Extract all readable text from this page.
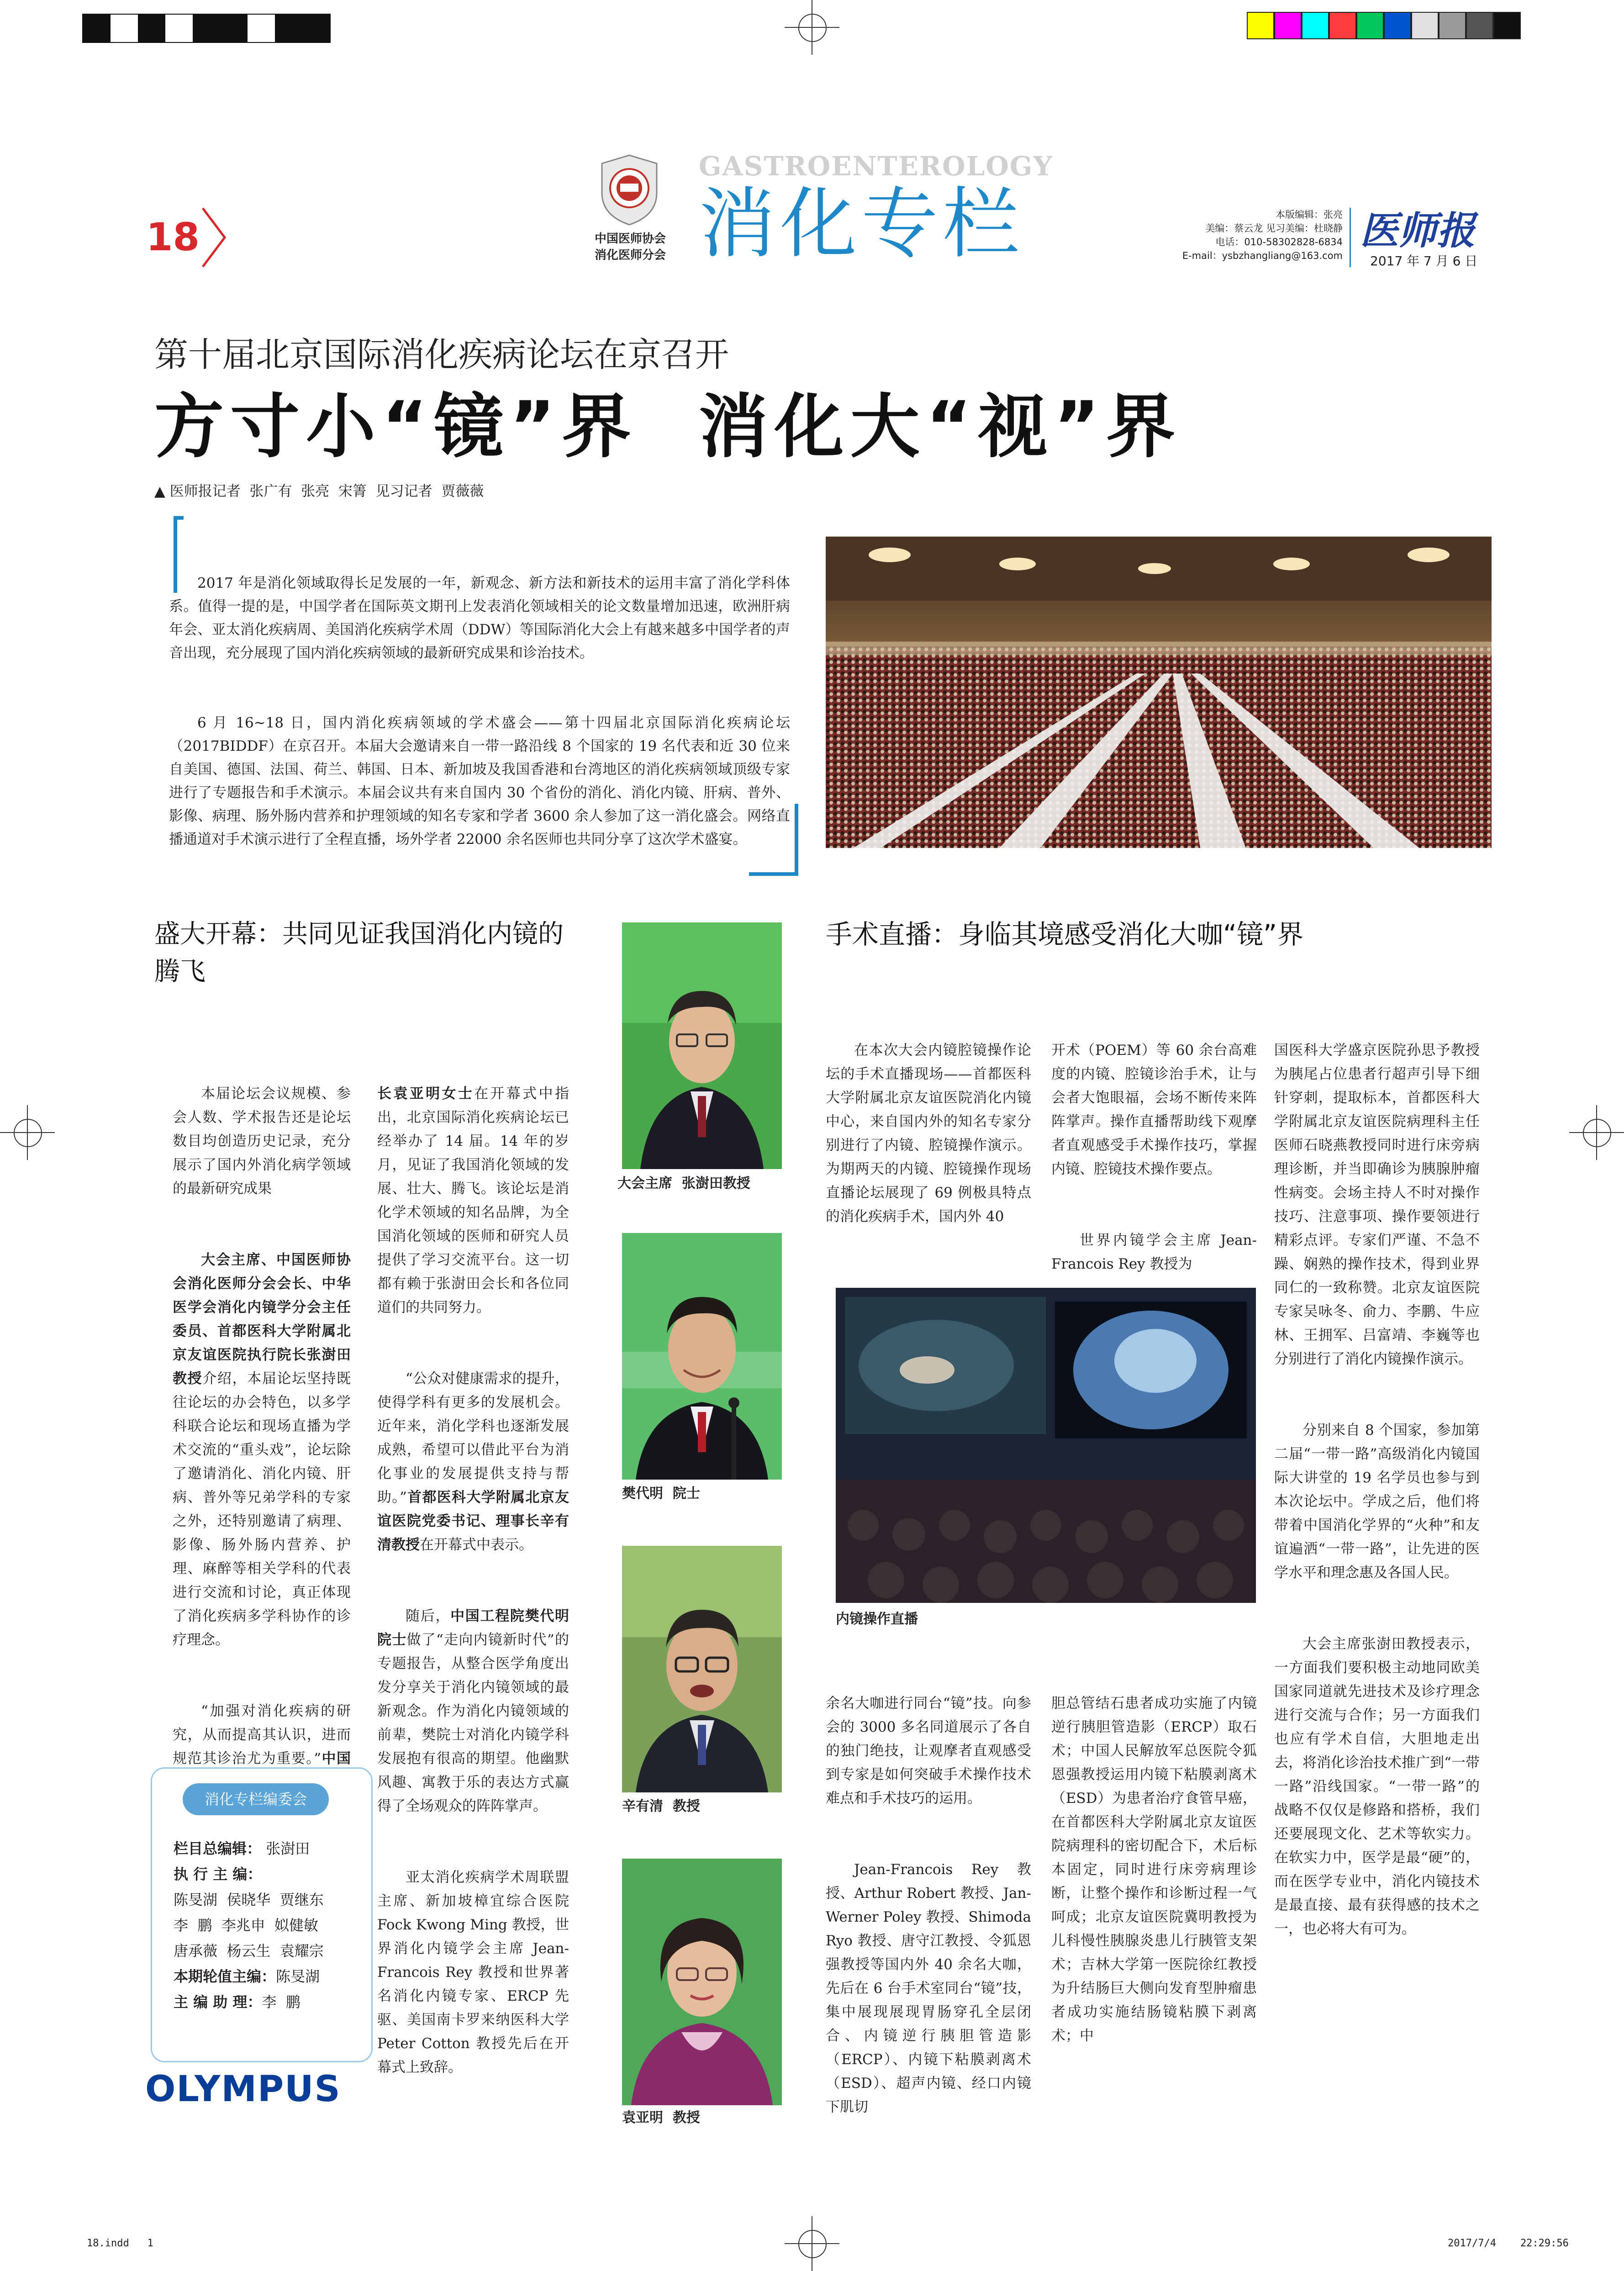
18	中国医师协会
消化医师分会
GASTROENTEROLOGY
消化专栏	本版编辑：张亮
美编：蔡云龙 见习美编：杜晓静
电话：010-58302828-6834
E-mail：ysbzhangliang@163.com
医师报
2017 年 7 月 6 日
第十届北京国际消化疾病论坛在京召开
方寸小“镜”界  消化大“视”界
▲ 医师报记者  张广有  张亮  宋箐  见习记者  贾薇薇

2017 年是消化领域取得长足发展的一年，新观念、新方法和新技术的运用丰富了消化学科体系。值得一提的是，中国学者在国际英文期刊上发表消化领域相关的论文数量增加迅速，欧洲肝病年会、亚太消化疾病周、美国消化疾病学术周（DDW）等国际消化大会上有越来越多中国学者的声音出现，充分展现了国内消化疾病领域的最新研究成果和诊治技术。

6 月 16~18 日，国内消化疾病领域的学术盛会——第十四届北京国际消化疾病论坛（2017BIDDF）在京召开。本届大会邀请来自一带一路沿线 8 个国家的 19 名代表和近 30 位来自美国、德国、法国、荷兰、韩国、日本、新加坡及我国香港和台湾地区的消化疾病领域顶级专家进行了专题报告和手术演示。本届会议共有来自国内 30 个省份的消化、消化内镜、肝病、普外、影像、病理、肠外肠内营养和护理领域的知名专家和学者 3600 余人参加了这一消化盛会。网络直播通道对手术演示进行了全程直播，场外学者 22000 余名医师也共同分享了这次学术盛宴。

盛大开幕：共同见证我国消化内镜的腾飞
手术直播：身临其境感受消化大咖“镜”界

本届论坛会议规模、参会人数、学术报告还是论坛数目均创造历史记录，充分展示了国内外消化病学领域的最新研究成果

大会主席、中国医师协会消化医师分会会长、中华医学会消化内镜学分会主任委员、首都医科大学附属北京友谊医院执行院长张澍田教授介绍，本届论坛坚持既往论坛的办会特色，以多学科联合论坛和现场直播为学术交流的“重头戏”，论坛除了邀请消化、消化内镜、肝病、普外等兄弟学科的专家之外，还特别邀请了病理、影像、肠外肠内营养、护理、麻醉等相关学科的代表进行交流和讨论，真正体现了消化疾病多学科协作的诊疗理念。

“加强对消化疾病的研究，从而提高其认识，进而规范其诊治尤为重要。”中国

消化专栏编委会
栏目总编辑： 张澍田
执 行 主 编：
陈旻湖  侯晓华  贾继东
李  鹏  李兆申  姒健敏
唐承薇  杨云生  袁耀宗
本期轮值主编：陈旻湖
主 编 助 理：李  鹏
OLYMPUS

长袁亚明女士在开幕式中指出，北京国际消化疾病论坛已经举办了 14 届。14 年的岁月，见证了我国消化领域的发展、壮大、腾飞。该论坛是消化学术领域的知名品牌，为全国消化领域的医师和研究人员提供了学习交流平台。这一切都有赖于张澍田会长和各位同道们的共同努力。

“公众对健康需求的提升，使得学科有更多的发展机会。近年来，消化学科也逐渐发展成熟，希望可以借此平台为消化事业的发展提供支持与帮助。”首都医科大学附属北京友谊医院党委书记、理事长辛有清教授在开幕式中表示。

随后，中国工程院樊代明院士做了“走向内镜新时代”的专题报告，从整合医学角度出发分享关于消化内镜领域的最新观念。作为消化内镜领域的前辈，樊院士对消化内镜学科发展抱有很高的期望。他幽默风趣、寓教于乐的表达方式赢得了全场观众的阵阵掌声。

亚太消化疾病学术周联盟主席、新加坡樟宜综合医院 Fock Kwong Ming 教授，世界消化内镜学会主席 Jean-Francois Rey 教授和世界著名消化内镜专家、ERCP 先驱、美国南卡罗来纳医科大学 Peter Cotton 教授先后在开幕式上致辞。

大会主席  张澍田教授
樊代明  院士
辛有清  教授
袁亚明  教授

在本次大会内镜腔镜操作论坛的手术直播现场——首都医科大学附属北京友谊医院消化内镜中心，来自国内外的知名专家分别进行了内镜、腔镜操作演示。为期两天的内镜、腔镜操作现场直播论坛展现了 69 例极具特点的消化疾病手术，国内外 40

开术（POEM）等 60 余台高难度的内镜、腔镜诊治手术，让与会者大饱眼福，会场不断传来阵阵掌声。操作直播帮助线下观摩者直观感受手术操作技巧，掌握内镜、腔镜技术操作要点。

世界内镜学会主席 Jean-Francois Rey 教授为

内镜操作直播

余名大咖进行同台“镜”技。向参会的 3000 多名同道展示了各自的独门绝技，让观摩者直观感受到专家是如何突破手术操作技术难点和手术技巧的运用。

Jean-Francois Rey 教授、Arthur Robert 教授、Jan-Werner Poley 教授、Shimoda Ryo 教授、唐守江教授、令狐恩强教授等国内外 40 余名大咖，先后在 6 台手术室同台“镜”技，集中展现展现胃肠穿孔全层闭合、内镜逆行胰胆管造影（ERCP）、内镜下粘膜剥离术（ESD）、超声内镜、经口内镜下肌切

胆总管结石患者成功实施了内镜逆行胰胆管造影（ERCP）取石术；中国人民解放军总医院令狐恩强教授运用内镜下粘膜剥离术（ESD）为患者治疗食管早癌，在首都医科大学附属北京友谊医院病理科的密切配合下，术后标本固定，同时进行床旁病理诊断，让整个操作和诊断过程一气呵成；北京友谊医院冀明教授为儿科慢性胰腺炎患儿行胰管支架术；吉林大学第一医院徐红教授为升结肠巨大侧向发育型肿瘤患者成功实施结肠镜粘膜下剥离术；中

国医科大学盛京医院孙思予教授为胰尾占位患者行超声引导下细针穿刺，提取标本，首都医科大学附属北京友谊医院病理科主任医师石晓燕教授同时进行床旁病理诊断，并当即确诊为胰腺肿瘤性病变。会场主持人不时对操作技巧、注意事项、操作要领进行精彩点评。专家们严谨、不急不躁、娴熟的操作技术，得到业界同仁的一致称赞。北京友谊医院专家吴咏冬、俞力、李鹏、牛应林、王拥军、吕富靖、李巍等也分别进行了消化内镜操作演示。

分别来自 8 个国家，参加第二届“一带一路”高级消化内镜国际大讲堂的 19 名学员也参与到本次论坛中。学成之后，他们将带着中国消化学界的“火种”和友谊遍洒“一带一路”，让先进的医学水平和理念惠及各国人民。

大会主席张澍田教授表示，一方面我们要积极主动地同欧美国家同道就先进技术及诊疗理念进行交流与合作；另一方面我们也应有学术自信，大胆地走出去，将消化诊治技术推广到“一带一路”沿线国家。“一带一路”的战略不仅仅是修路和搭桥，我们还要展现文化、艺术等软实力。在软实力中，医学是最“硬”的，而在医学专业中，消化内镜技术是最直接、最有获得感的技术之一，也必将大有可为。

18.indd   1	2017/7/4    22:29:56
